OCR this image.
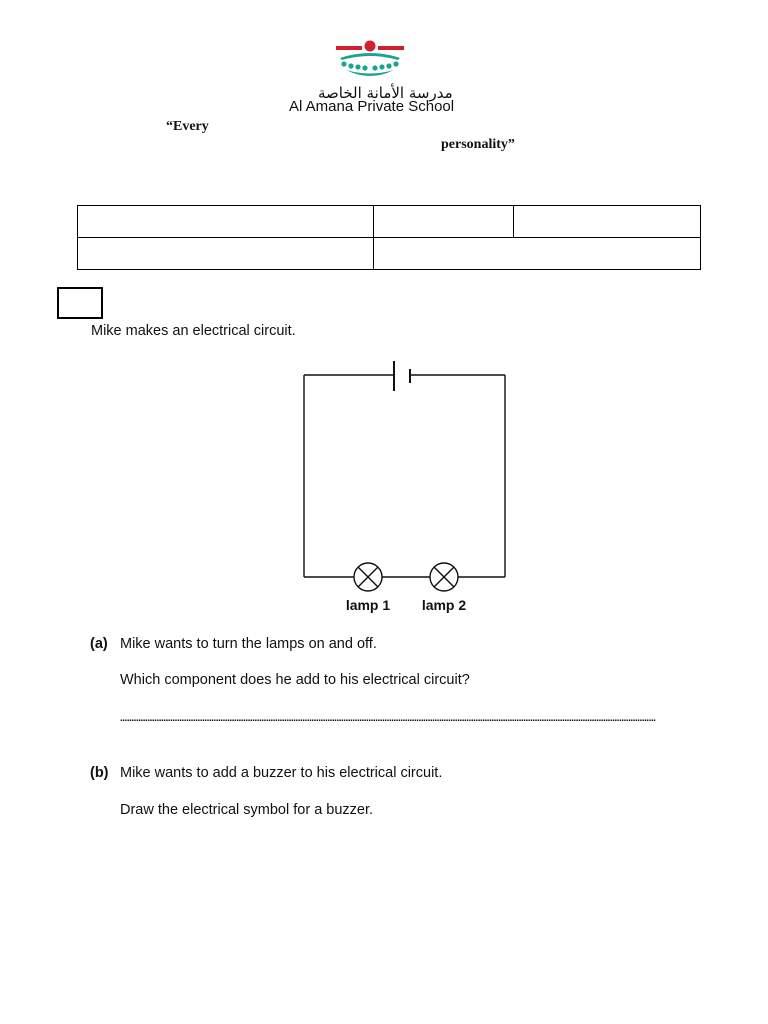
مدرسة الأمانة الخاصة
Al Amana Private School
“Every
personality”

Mike makes an electrical circuit.
lamp 1 lamp 2
(a) Mike wants to turn the lamps on and off.
Which component does he add to his electrical circuit?
...........................................................................................................................................................................................................................................
(b) Mike wants to add a buzzer to his electrical circuit.
Draw the electrical symbol for a buzzer.
